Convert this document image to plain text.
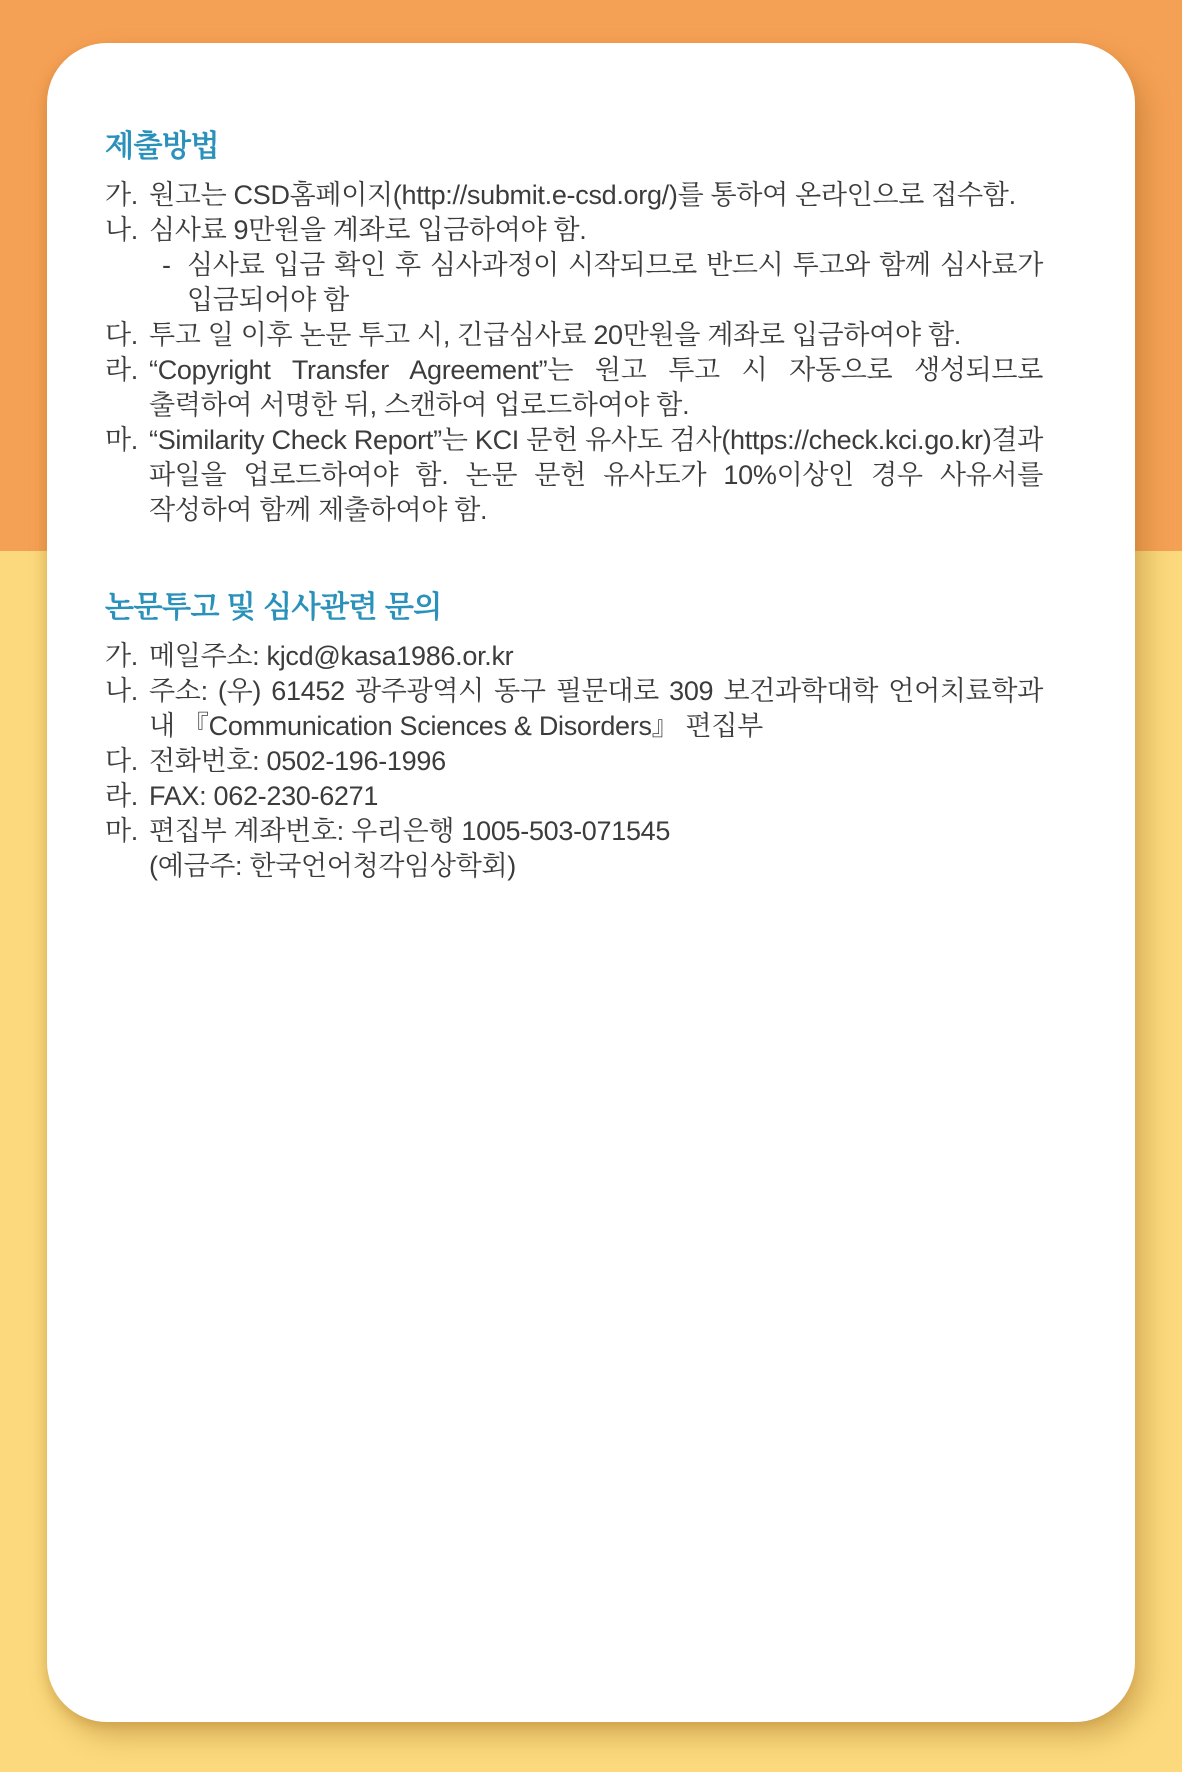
제출방법
가. 원고는 CSD홈페이지(http://submit.e-csd.org/)를 통하여 온라인으로 접수함.
나. 심사료 9만원을 계좌로 입금하여야 함.
- 심사료 입금 확인 후 심사과정이 시작되므로 반드시 투고와 함께 심사료가 입금되어야 함
다. 투고 일 이후 논문 투고 시, 긴급심사료 20만원을 계좌로 입금하여야 함.
라. “Copyright Transfer Agreement”는 원고 투고 시 자동으로 생성되므로 출력하여 서명한 뒤, 스캔하여 업로드하여야 함.
마. “Similarity Check Report”는 KCI 문헌 유사도 검사(https://check.kci.go.kr)결과 파일을 업로드하여야 함. 논문 문헌 유사도가 10%이상인 경우 사유서를 작성하여 함께 제출하여야 함.
논문투고 및 심사관련 문의
가. 메일주소: kjcd@kasa1986.or.kr
나. 주소: (우) 61452 광주광역시 동구 필문대로 309 보건과학대학 언어치료학과 내 『Communication Sciences & Disorders』 편집부
다. 전화번호: 0502-196-1996
라. FAX: 062-230-6271
마. 편집부 계좌번호: 우리은행 1005-503-071545
(예금주: 한국언어청각임상학회)
